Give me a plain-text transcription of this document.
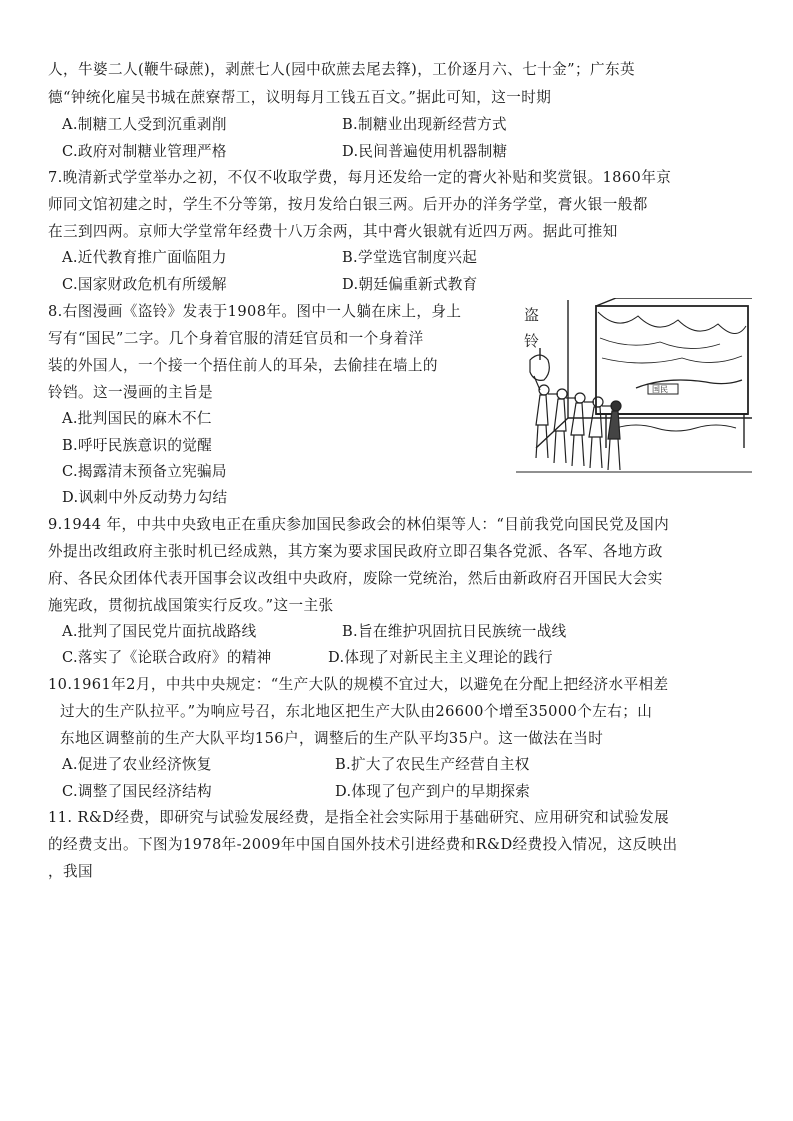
人，牛婆二人(鞭牛碌蔗)，剥蔗七人(园中砍蔗去尾去箨)，工价逐月六、七十金”；广东英
德“钟统化雇吴书城在蔗寮帮工，议明每月工钱五百文。”据此可知，这一时期
A.制糖工人受到沉重剥削	B.制糖业出现新经营方式
C.政府对制糖业管理严格	D.民间普遍使用机器制糖
7.晚清新式学堂举办之初，不仅不收取学费，每月还发给一定的膏火补贴和奖赏银。1860年京
师同文馆初建之时，学生不分等第，按月发给白银三两。后开办的洋务学堂，膏火银一般都
在三到四两。京师大学堂常年经费十八万余两，其中膏火银就有近四万两。据此可推知
A.近代教育推广面临阻力	B.学堂选官制度兴起
C.国家财政危机有所缓解	D.朝廷偏重新式教育
8.右图漫画《盗铃》发表于1908年。图中一人躺在床上，身上
写有“国民”二字。几个身着官服的清廷官员和一个身着洋
装的外国人，一个接一个捂住前人的耳朵，去偷挂在墙上的
铃铛。这一漫画的主旨是
A.批判国民的麻木不仁
B.呼吁民族意识的觉醒
C.揭露清末预备立宪骗局
D.讽刺中外反动势力勾结
盗
铃
国民
9.1944 年，中共中央致电正在重庆参加国民参政会的林伯渠等人：“目前我党向国民党及国内
外提出改组政府主张时机已经成熟，其方案为要求国民政府立即召集各党派、各军、各地方政
府、各民众团体代表开国事会议改组中央政府，废除一党统治，然后由新政府召开国民大会实
施宪政，贯彻抗战国策实行反攻。”这一主张
A.批判了国民党片面抗战路线	B.旨在维护巩固抗日民族统一战线
C.落实了《论联合政府》的精神	D.体现了对新民主主义理论的践行
10.1961年2月，中共中央规定：“生产大队的规模不宜过大，以避免在分配上把经济水平相差
过大的生产队拉平。”为响应号召，东北地区把生产大队由26600个增至35000个左右；山
东地区调整前的生产大队平均156户，调整后的生产队平均35户。这一做法在当时
A.促进了农业经济恢复	B.扩大了农民生产经营自主权
C.调整了国民经济结构	D.体现了包产到户的早期探索
11. R&D经费，即研究与试验发展经费，是指全社会实际用于基础研究、应用研究和试验发展
的经费支出。下图为1978年-2009年中国自国外技术引进经费和R&D经费投入情况，这反映出
，我国
